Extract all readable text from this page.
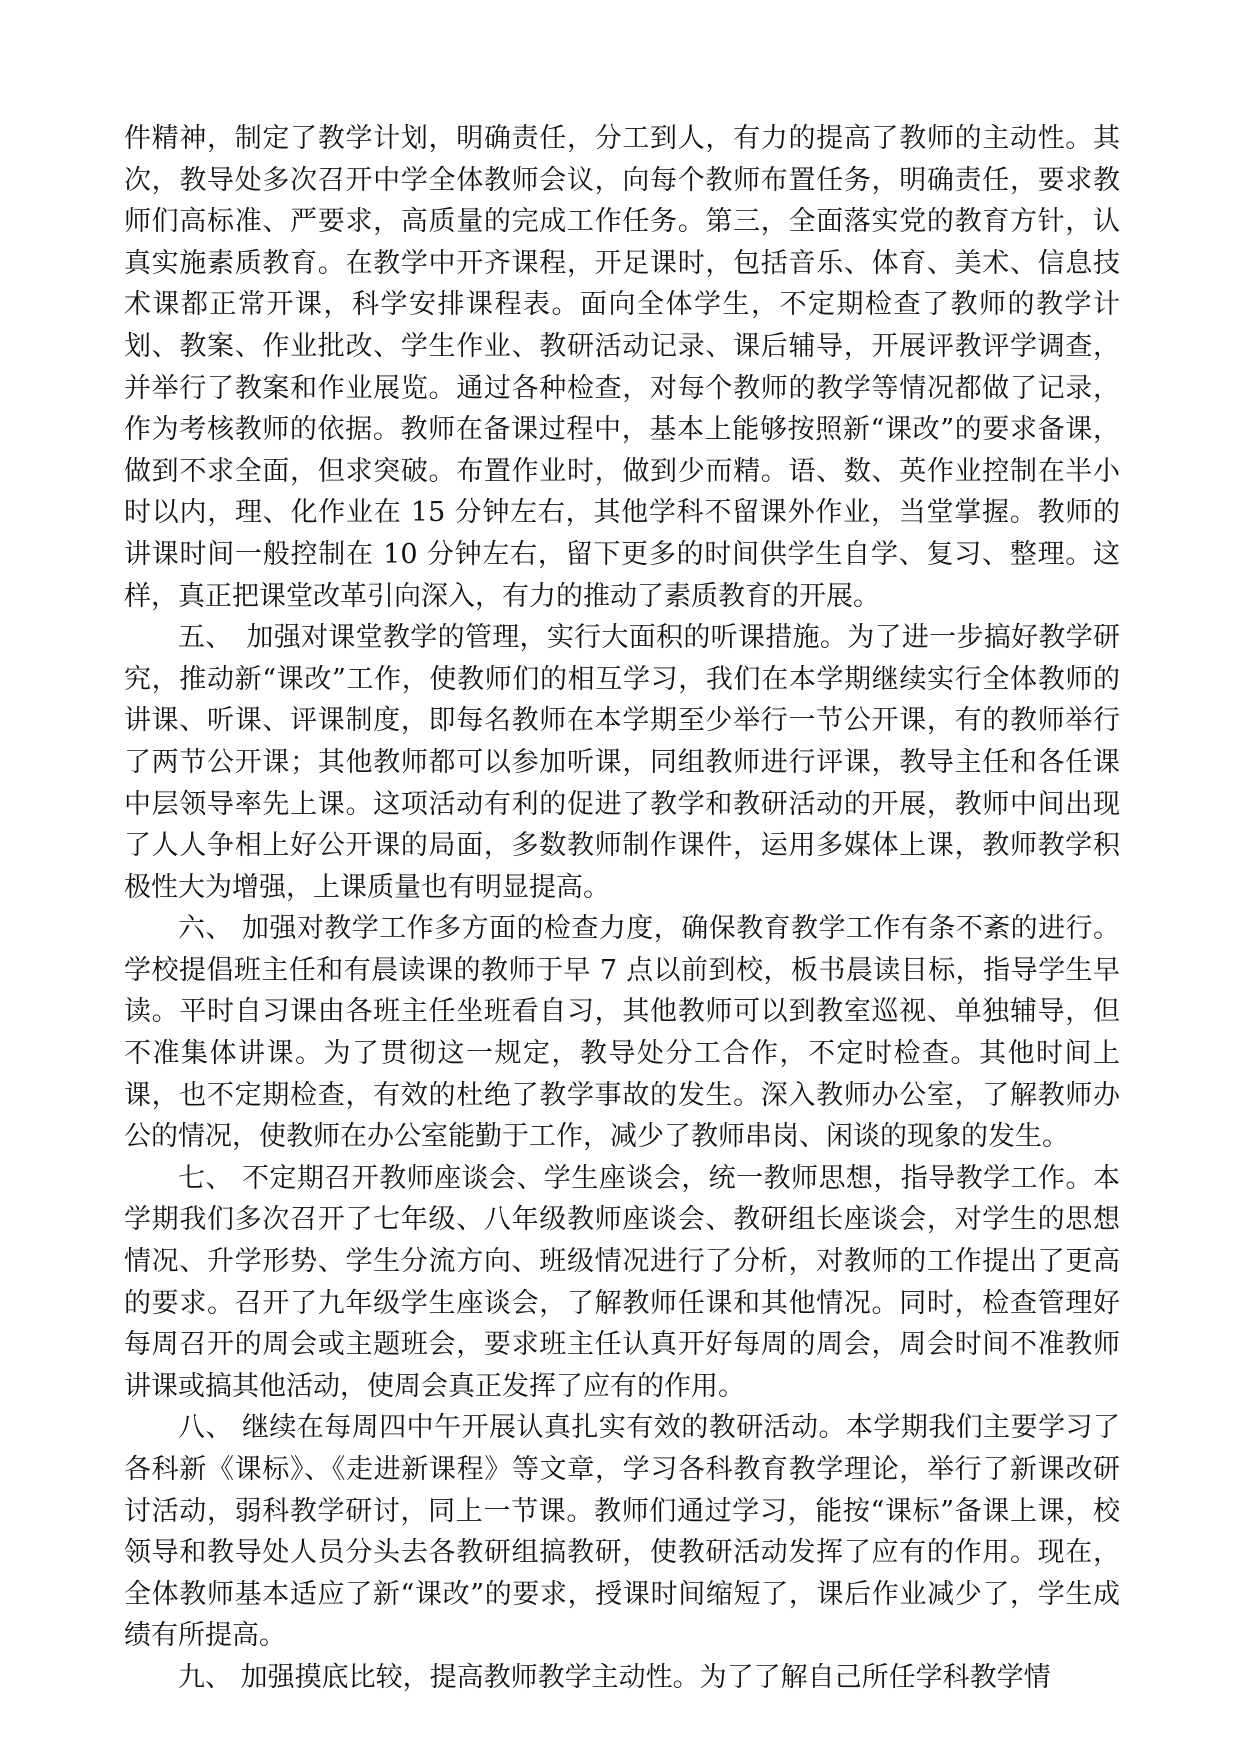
件精神，制定了教学计划，明确责任，分工到人，有力的提高了教师的主动性。其次，教导处多次召开中学全体教师会议，向每个教师布置任务，明确责任，要求教师们高标准、严要求，高质量的完成工作任务。第三，全面落实党的教育方针，认真实施素质教育。在教学中开齐课程，开足课时，包括音乐、体育、美术、信息技术课都正常开课，科学安排课程表。面向全体学生，不定期检查了教师的教学计划、教案、作业批改、学生作业、教研活动记录、课后辅导，开展评教评学调查，并举行了教案和作业展览。通过各种检查，对每个教师的教学等情况都做了记录，作为考核教师的依据。教师在备课过程中，基本上能够按照新“课改”的要求备课，做到不求全面，但求突破。布置作业时，做到少而精。语、数、英作业控制在半小时以内，理、化作业在 15 分钟左右，其他学科不留课外作业，当堂掌握。教师的讲课时间一般控制在 10 分钟左右，留下更多的时间供学生自学、复习、整理。这样，真正把课堂改革引向深入，有力的推动了素质教育的开展。

五、　加强对课堂教学的管理，实行大面积的听课措施。为了进一步搞好教学研究，推动新“课改”工作，使教师们的相互学习，我们在本学期继续实行全体教师的讲课、听课、评课制度，即每名教师在本学期至少举行一节公开课，有的教师举行了两节公开课；其他教师都可以参加听课，同组教师进行评课，教导主任和各任课中层领导率先上课。这项活动有利的促进了教学和教研活动的开展，教师中间出现了人人争相上好公开课的局面，多数教师制作课件，运用多媒体上课，教师教学积极性大为增强，上课质量也有明显提高。

六、 加强对教学工作多方面的检查力度，确保教育教学工作有条不紊的进行。学校提倡班主任和有晨读课的教师于早 7 点以前到校，板书晨读目标，指导学生早读。平时自习课由各班主任坐班看自习，其他教师可以到教室巡视、单独辅导，但不准集体讲课。为了贯彻这一规定，教导处分工合作，不定时检查。其他时间上课，也不定期检查，有效的杜绝了教学事故的发生。深入教师办公室，了解教师办公的情况，使教师在办公室能勤于工作，减少了教师串岗、闲谈的现象的发生。

七、 不定期召开教师座谈会、学生座谈会，统一教师思想，指导教学工作。本学期我们多次召开了七年级、八年级教师座谈会、教研组长座谈会，对学生的思想情况、升学形势、学生分流方向、班级情况进行了分析，对教师的工作提出了更高的要求。召开了九年级学生座谈会，了解教师任课和其他情况。同时，检查管理好每周召开的周会或主题班会，要求班主任认真开好每周的周会，周会时间不准教师讲课或搞其他活动，使周会真正发挥了应有的作用。

八、 继续在每周四中午开展认真扎实有效的教研活动。本学期我们主要学习了各科新《课标》、《走进新课程》等文章，学习各科教育教学理论，举行了新课改研讨活动，弱科教学研讨，同上一节课。教师们通过学习，能按“课标”备课上课，校领导和教导处人员分头去各教研组搞教研，使教研活动发挥了应有的作用。现在，全体教师基本适应了新“课改”的要求，授课时间缩短了，课后作业减少了，学生成绩有所提高。

九、 加强摸底比较，提高教师教学主动性。为了了解自己所任学科教学情
